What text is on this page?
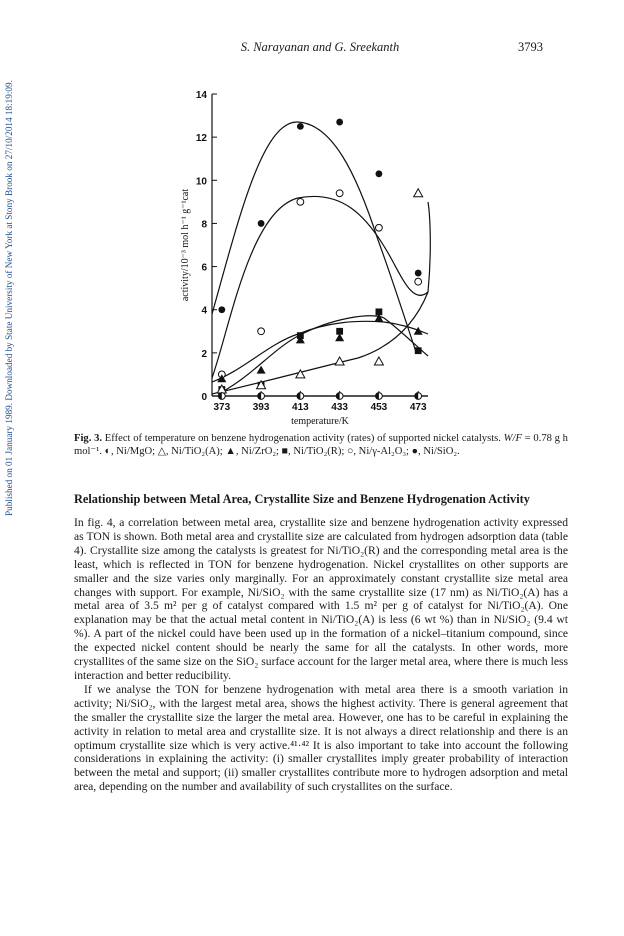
Published on 01 January 1989. Downloaded by State University of New York at Stony Brook on 27/10/2014 18:19:09.
S. Narayanan and G. Sreekanth	3793
0
2
4
6
8
10
12
14
373 393 413 433 453 473
temperature/K
activity/10⁻³ mol h⁻¹ g⁻¹cat
Fig. 3. Effect of temperature on benzene hydrogenation activity (rates) of supported nickel catalysts. W/F = 0.78 g h mol⁻¹. ◐, Ni/MgO; △, Ni/TiO₂(A); ▲, Ni/ZrO₂; ■, Ni/TiO₂(R); ○, Ni/γ-Al₂O₃; ●, Ni/SiO₂.
Relationship between Metal Area, Crystallite Size and Benzene Hydrogenation Activity

In fig. 4, a correlation between metal area, crystallite size and benzene hydrogenation activity expressed as TON is shown. Both metal area and crystallite size are calculated from hydrogen adsorption data (table 4). Crystallite size among the catalysts is greatest for Ni/TiO₂(R) and the corresponding metal area is the least, which is reflected in TON for benzene hydrogenation. Nickel crystallites on other supports are smaller and the size varies only marginally. For an approximately constant crystallite size metal area changes with support. For example, Ni/SiO₂ with the same crystallite size (17 nm) as Ni/TiO₂(A) has a metal area of 3.5 m² per g of catalyst compared with 1.5 m² per g of catalyst for Ni/TiO₂(A). One explanation may be that the actual metal content in Ni/TiO₂(A) is less (6 wt %) than in Ni/SiO₂ (9.4 wt %). A part of the nickel could have been used up in the formation of a nickel–titanium compound, since the expected nickel content should be nearly the same for all the catalysts. In other words, more crystallites of the same size on the SiO₂ surface account for the larger metal area, where there is much less interaction and better reducibility.

If we analyse the TON for benzene hydrogenation with metal area there is a smooth variation in activity; Ni/SiO₂, with the largest metal area, shows the highest activity. There is general agreement that the smaller the crystallite size the larger the metal area. However, one has to be careful in explaining the activity in relation to metal area and crystallite size. It is not always a direct relationship and there is an optimum crystallite size which is very active.⁴¹·⁴² It is also important to take into account the following considerations in explaining the activity: (i) smaller crystallites imply greater probability of interaction between the metal and support; (ii) smaller crystallites contribute more to hydrogen adsorption and metal area, depending on the number and availability of such crystallites on the surface.
